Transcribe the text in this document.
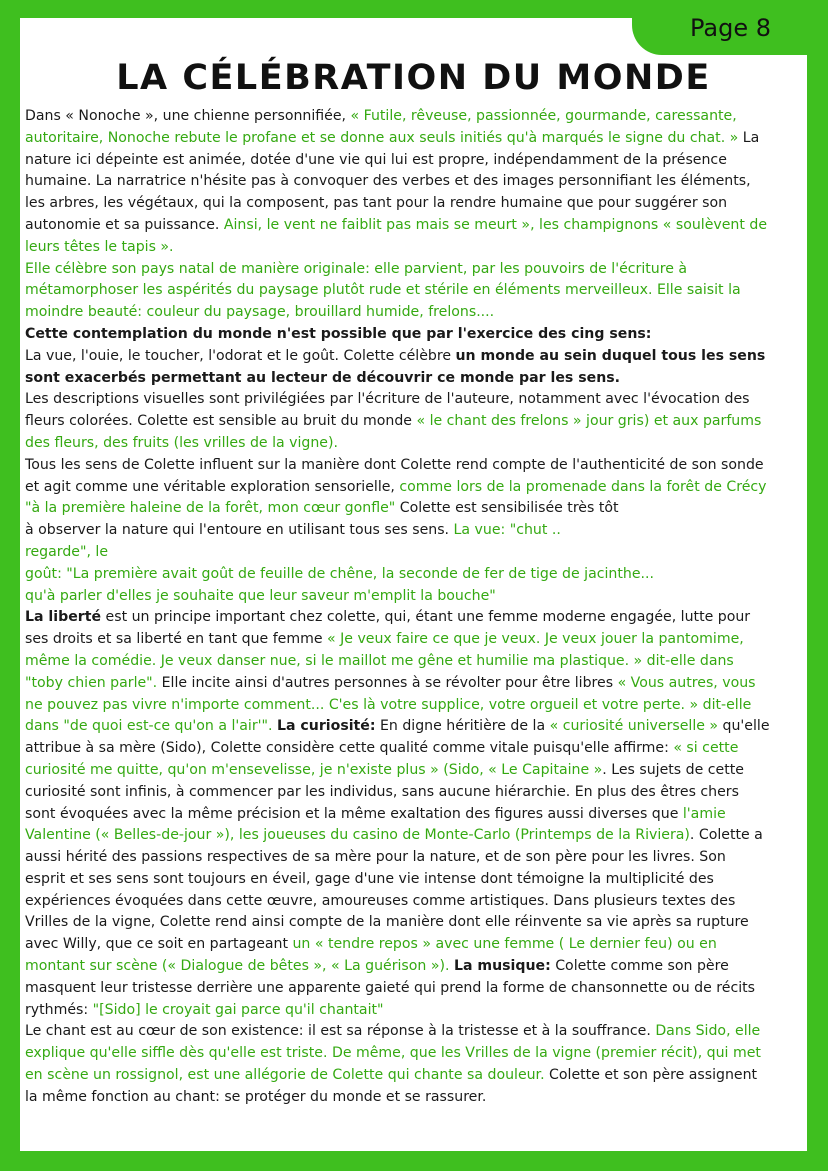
Page 8
LA CÉLÉBRATION DU MONDE
Dans « Nonoche », une chienne personnifiée, « Futile, rêveuse, passionnée, gourmande, caressante,
autoritaire, Nonoche rebute le profane et se donne aux seuls initiés qu'à marqués le signe du chat. » La
nature ici dépeinte est animée, dotée d'une vie qui lui est propre, indépendamment de la présence
humaine. La narratrice n'hésite pas à convoquer des verbes et des images personnifiant les éléments,
les arbres, les végétaux, qui la composent, pas tant pour la rendre humaine que pour suggérer son
autonomie et sa puissance. Ainsi, le vent ne faiblit pas mais se meurt », les champignons « soulèvent de
leurs têtes le tapis ».
Elle célèbre son pays natal de manière originale: elle parvient, par les pouvoirs de l'écriture à
métamorphoser les aspérités du paysage plutôt rude et stérile en éléments merveilleux. Elle saisit la
moindre beauté: couleur du paysage, brouillard humide, frelons....
Cette contemplation du monde n'est possible que par l'exercice des cing sens:
La vue, l'ouie, le toucher, l'odorat et le goût. Colette célèbre un monde au sein duquel tous les sens
sont exacerbés permettant au lecteur de découvrir ce monde par les sens.
Les descriptions visuelles sont privilégiées par l'écriture de l'auteure, notamment avec l'évocation des
fleurs colorées. Colette est sensible au bruit du monde « le chant des frelons » jour gris) et aux parfums
des fleurs, des fruits (les vrilles de la vigne).
Tous les sens de Colette influent sur la manière dont Colette rend compte de l'authenticité de son sonde
et agit comme une véritable exploration sensorielle, comme lors de la promenade dans la forêt de Crécy
"à la première haleine de la forêt, mon cœur gonfle" Colette est sensibilisée très tôt
à observer la nature qui l'entoure en utilisant tous ses sens. La vue: "chut ..
regarde", le
goût: "La première avait goût de feuille de chêne, la seconde de fer de tige de jacinthe...
qu'à parler d'elles je souhaite que leur saveur m'emplit la bouche"
La liberté est un principe important chez colette, qui, étant une femme moderne engagée, lutte pour
ses droits et sa liberté en tant que femme « Je veux faire ce que je veux. Je veux jouer la pantomime,
même la comédie. Je veux danser nue, si le maillot me gêne et humilie ma plastique. » dit-elle dans
"toby chien parle". Elle incite ainsi d'autres personnes à se révolter pour être libres « Vous autres, vous
ne pouvez pas vivre n'importe comment... C'es là votre supplice, votre orgueil et votre perte. » dit-elle
dans "de quoi est-ce qu'on a l'air'". La curiosité: En digne héritière de la « curiosité universelle » qu'elle
attribue à sa mère (Sido), Colette considère cette qualité comme vitale puisqu'elle affirme: « si cette
curiosité me quitte, qu'on m'ensevelisse, je n'existe plus » (Sido, « Le Capitaine ». Les sujets de cette
curiosité sont infinis, à commencer par les individus, sans aucune hiérarchie. En plus des êtres chers
sont évoquées avec la même précision et la même exaltation des figures aussi diverses que l'amie
Valentine (« Belles-de-jour »), les joueuses du casino de Monte-Carlo (Printemps de la Riviera). Colette a
aussi hérité des passions respectives de sa mère pour la nature, et de son père pour les livres. Son
esprit et ses sens sont toujours en éveil, gage d'une vie intense dont témoigne la multiplicité des
expériences évoquées dans cette œuvre, amoureuses comme artistiques. Dans plusieurs textes des
Vrilles de la vigne, Colette rend ainsi compte de la manière dont elle réinvente sa vie après sa rupture
avec Willy, que ce soit en partageant un « tendre repos » avec une femme ( Le dernier feu) ou en
montant sur scène (« Dialogue de bêtes », « La guérison »). La musique: Colette comme son père
masquent leur tristesse derrière une apparente gaieté qui prend la forme de chansonnette ou de récits
rythmés: "[Sido] le croyait gai parce qu'il chantait"
Le chant est au cœur de son existence: il est sa réponse à la tristesse et à la souffrance. Dans Sido, elle
explique qu'elle siffle dès qu'elle est triste. De même, que les Vrilles de la vigne (premier récit), qui met
en scène un rossignol, est une allégorie de Colette qui chante sa douleur. Colette et son père assignent
la même fonction au chant: se protéger du monde et se rassurer.
